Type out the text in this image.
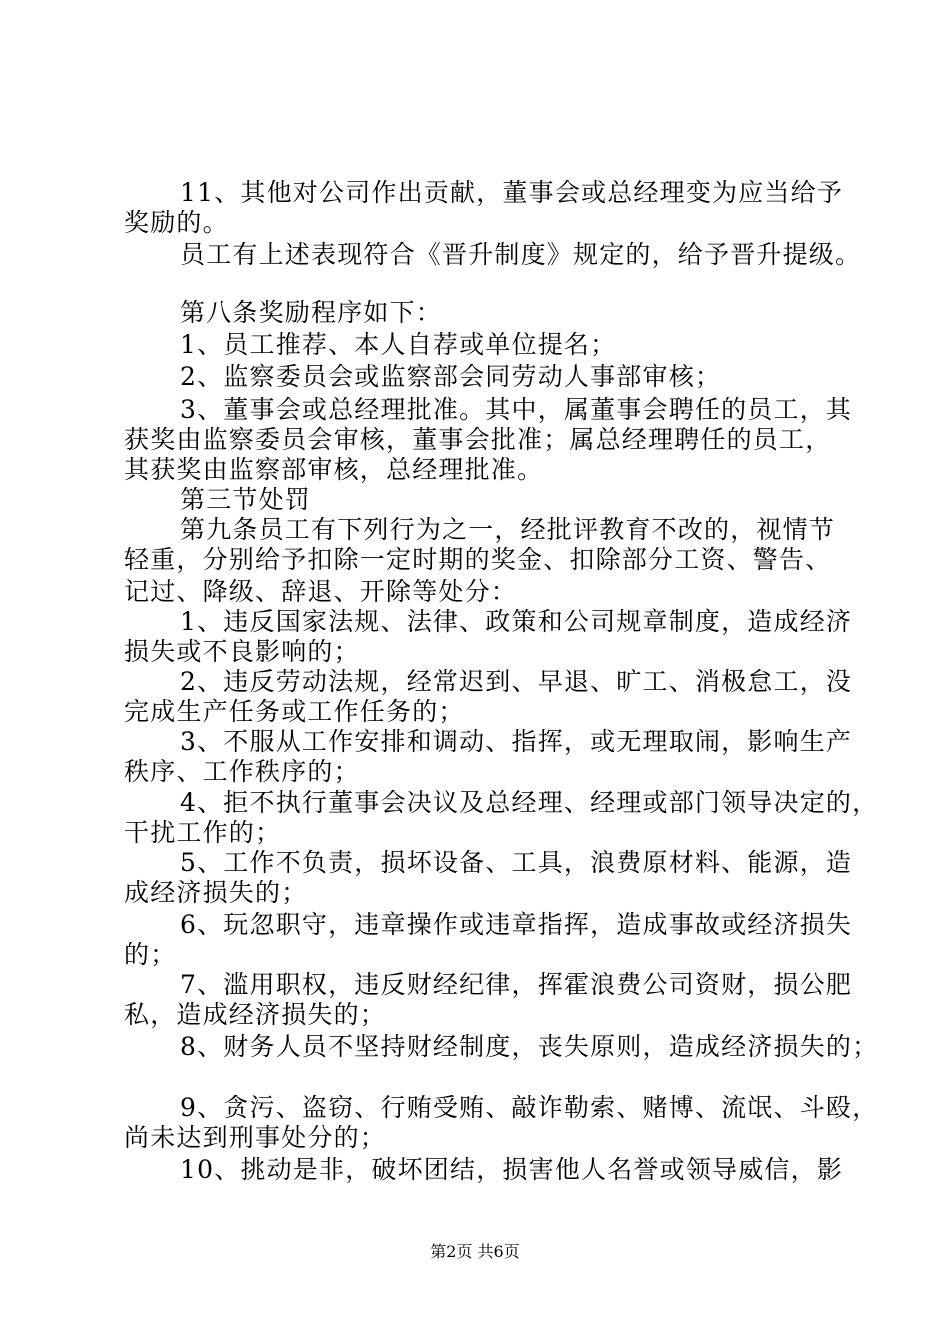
11、其他对公司作出贡献，董事会或总经理变为应当给予
奖励的。
员工有上述表现符合《晋升制度》规定的，给予晋升提级。
第八条奖励程序如下：
1、员工推荐、本人自荐或单位提名；
2、监察委员会或监察部会同劳动人事部审核；
3、董事会或总经理批准。其中，属董事会聘任的员工，其
获奖由监察委员会审核，董事会批准；属总经理聘任的员工，
其获奖由监察部审核，总经理批准。
第三节处罚
第九条员工有下列行为之一，经批评教育不改的，视情节
轻重，分别给予扣除一定时期的奖金、扣除部分工资、警告、
记过、降级、辞退、开除等处分：
1、违反国家法规、法律、政策和公司规章制度，造成经济
损失或不良影响的；
2、违反劳动法规，经常迟到、早退、旷工、消极怠工，没
完成生产任务或工作任务的；
3、不服从工作安排和调动、指挥，或无理取闹，影响生产
秩序、工作秩序的；
4、拒不执行董事会决议及总经理、经理或部门领导决定的，
干扰工作的；
5、工作不负责，损坏设备、工具，浪费原材料、能源，造
成经济损失的；
6、玩忽职守，违章操作或违章指挥，造成事故或经济损失
的；
7、滥用职权，违反财经纪律，挥霍浪费公司资财，损公肥
私，造成经济损失的；
8、财务人员不坚持财经制度，丧失原则，造成经济损失的；
9、贪污、盗窃、行贿受贿、敲诈勒索、赌博、流氓、斗殴，
尚未达到刑事处分的；
10、挑动是非，破坏团结，损害他人名誉或领导威信，影
第2页 共6页
